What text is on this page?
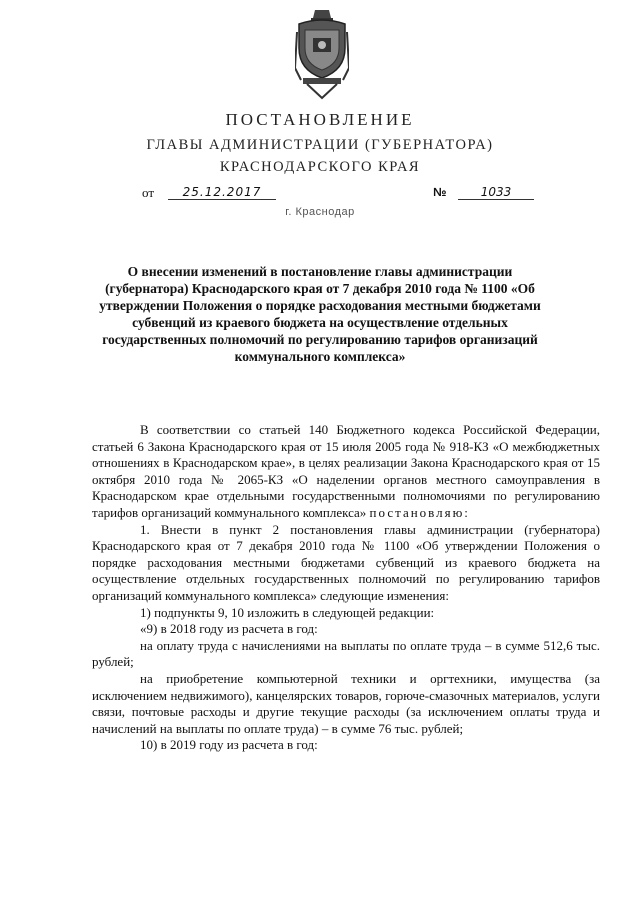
ПОСТАНОВЛЕНИЕ
ГЛАВЫ АДМИНИСТРАЦИИ (ГУБЕРНАТОРА)
КРАСНОДАРСКОГО КРАЯ
от	25.12.2017	№	1033
г. Краснодар
О внесении изменений в постановление главы администрации (губернатора) Краснодарского края от 7 декабря 2010 года № 1100 «Об утверждении Положения о порядке расходования местными бюджетами субвенций из краевого бюджета на осуществление отдельных государственных полномочий по регулированию тарифов организаций коммунального комплекса»

В соответствии со статьей 140 Бюджетного кодекса Российской Федерации, статьей 6 Закона Краснодарского края от 15 июля 2005 года № 918-КЗ «О межбюджетных отношениях в Краснодарском крае», в целях реализации Закона Краснодарского края от 15 октября 2010 года № 2065-КЗ «О наделении органов местного самоуправления в Краснодарском крае отдельными государственными полномочиями по регулированию тарифов организаций коммунального комплекса» постановляю:

1. Внести в пункт 2 постановления главы администрации (губернатора) Краснодарского края от 7 декабря 2010 года № 1100 «Об утверждении Положения о порядке расходования местными бюджетами субвенций из краевого бюджета на осуществление отдельных государственных полномочий по регулированию тарифов организаций коммунального комплекса» следующие изменения:

1) подпункты 9, 10 изложить в следующей редакции:

«9) в 2018 году из расчета в год:

на оплату труда с начислениями на выплаты по оплате труда – в сумме 512,6 тыс. рублей;

на приобретение компьютерной техники и оргтехники, имущества (за исключением недвижимого), канцелярских товаров, горюче-смазочных материалов, услуги связи, почтовые расходы и другие текущие расходы (за исключением оплаты труда и начислений на выплаты по оплате труда) – в сумме 76 тыс. рублей;

10) в 2019 году из расчета в год:
